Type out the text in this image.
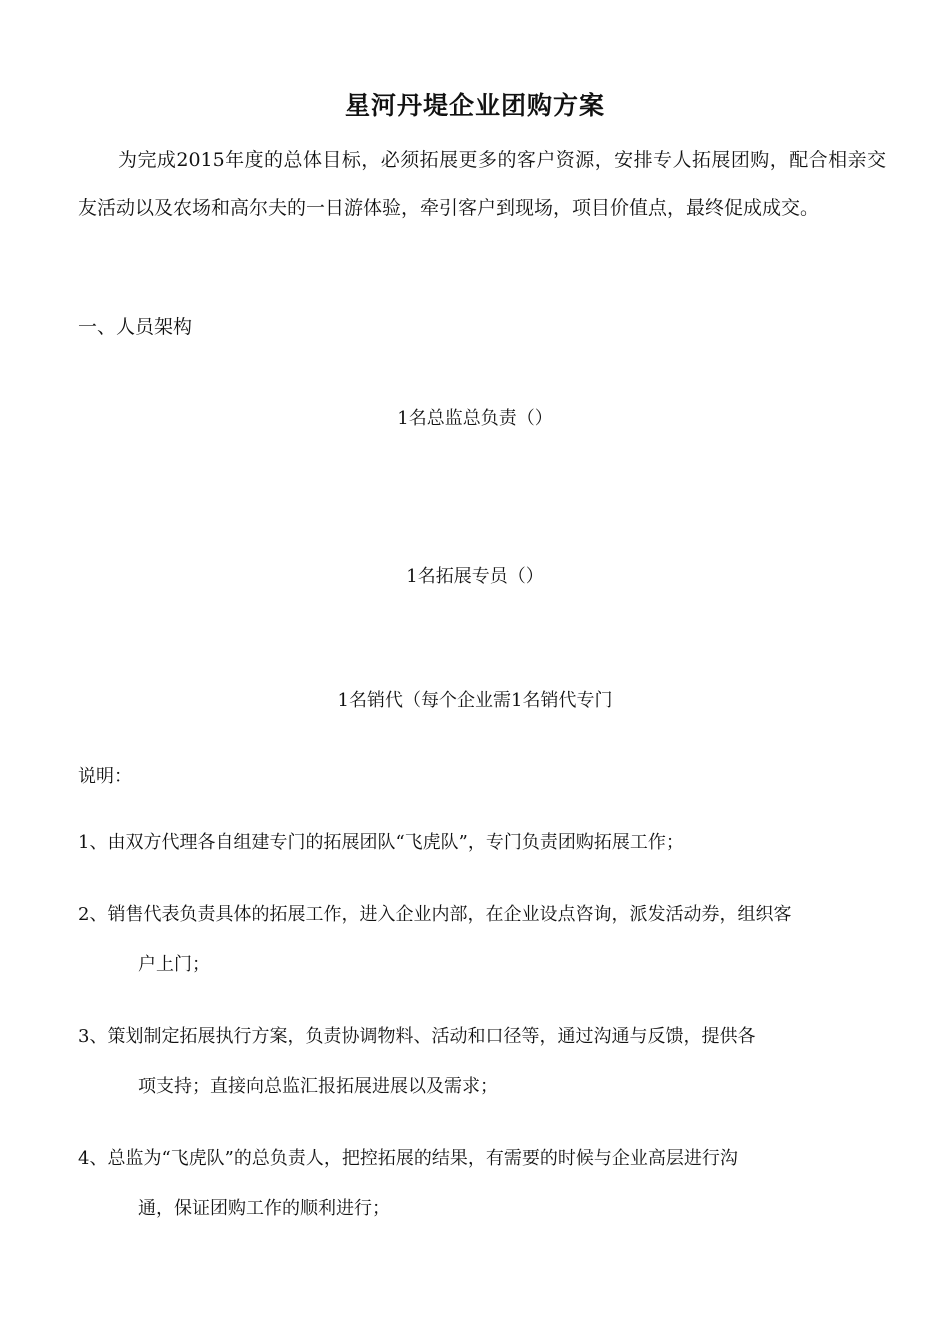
星河丹堤企业团购方案

为完成2015年度的总体目标，必须拓展更多的客户资源，安排专人拓展团购，配合相亲交友活动以及农场和高尔夫的一日游体验，牵引客户到现场，项目价值点，最终促成成交。

一、人员架构
1名总监总负责（）
1名拓展专员（）
1名销代（每个企业需1名销代专门
说明：
1、由双方代理各自组建专门的拓展团队“飞虎队”，专门负责团购拓展工作；
2、销售代表负责具体的拓展工作，进入企业内部，在企业设点咨询，派发活动券，组织客
户上门；
3、策划制定拓展执行方案，负责协调物料、活动和口径等，通过沟通与反馈，提供各
项支持；直接向总监汇报拓展进展以及需求；
4、总监为“飞虎队”的总负责人，把控拓展的结果，有需要的时候与企业高层进行沟
通，保证团购工作的顺利进行；
